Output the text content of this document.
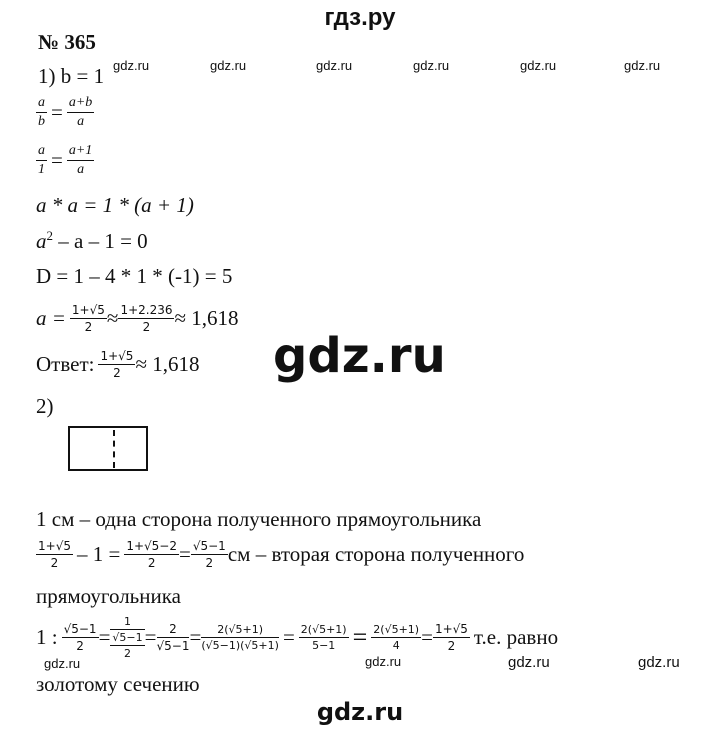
гдз.ру
№ 365
gdz.ru	gdz.ru	gdz.ru	gdz.ru	gdz.ru	gdz.ru
1) b = 1
$\frac{a}{b} = \frac{a+b}{a}$
$\frac{a}{1} = \frac{a+1}{a}$
a * a = 1 * (a + 1)
$a^2 - a - 1 = 0$
D = 1 – 4 * 1 * (-1) = 5
$a = \frac{1+√5}{2} \approx \frac{1+2.236}{2} \approx 1,618$
Ответ: $\frac{1+√5}{2} \approx 1,618$ gdz.ru
2)
1 см – одна сторона полученного прямоугольника
$\frac{1+√5}{2} - 1 = \frac{1+√5-2}{2} = \frac{√5-1}{2}$ см – вторая сторона полученного
прямоугольника
1 : $\frac{√5-1}{2} = \frac{1}{\frac{√5-1}{2}} = \frac{2}{√5-1} = \frac{2(√5+1)}{(√5-1)(√5+1)} = \frac{2(√5+1)}{5-1} = \frac{2(√5+1)}{4} = \frac{1+√5}{2} т.е$. равно
gdz.ru	gdz.ru	gdz.ru	gdz.ru
золотому сечению
gdz.ru
